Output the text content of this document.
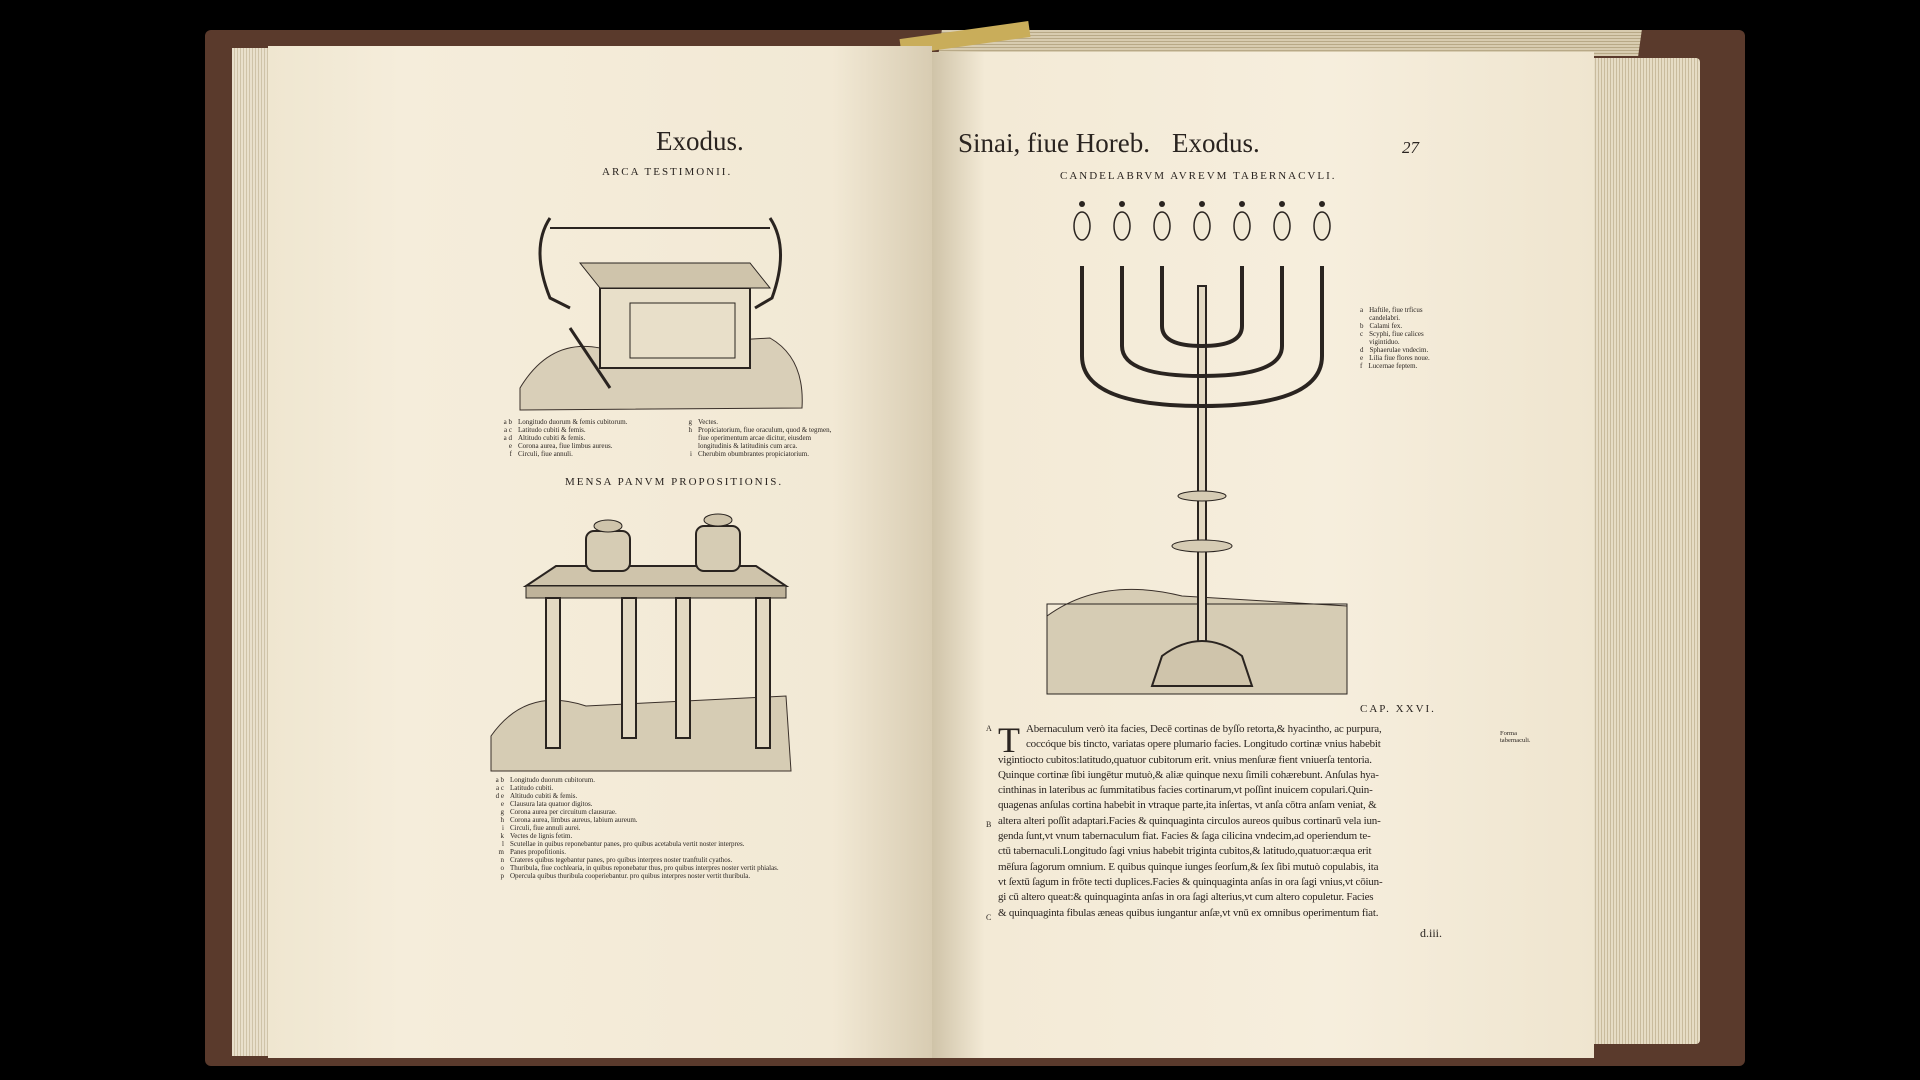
Exodus.
ARCA TESTIMONII.
a b Longitudo duorum & femis cubitorum.
a c Latitudo cubiti & femis.
a d Altitudo cubiti & femis.
e Corona aurea, fiue limbus aureus.
f Circuli, fiue annuli.
g Vectes.
h Propiciatorium, fiue oraculum, quod & tegmen, fiue operimentum arcae dicitur, eiusdem longitudinis & latitudinis cum arca.
i Cherubim obumbrantes propiciatorium.
MENSA PANVM PROPOSITIONIS.
a b Longitudo duorum cubitorum.
a c Latitudo cubiti.
d e Altitudo cubiti & femis.
e Clausura lata quatuor digitos.
g Corona aurea per circuitum clausurae.
h Corona aurea, limbus aureus, labium aureum.
i Circuli, fiue annuli aurei.
k Vectes de lignis fetim.
l Scutellae in quibus reponebantur panes, pro quibus acetabula vertit noster interpres.
m Panes propofitionis.
n Crateres quibus tegebantur panes, pro quibus interpres noster tranftulit cyathos.
o Thuribula, fiue cochlearia, in quibus reponebatur thus, pro quibus interpres noster vertit phialas.
p Opercula quibus thuribula cooperiebantur. pro quibus interpres noster vertit thuribula.
Sinai, fiue Horeb. Exodus.	27
CANDELABRVM AVREVM TABERNACVLI.
a Haftile, fiue trficus candelabri.
b Calami fex.
c Scyphi, fiue calices vigintiduo.
d Sphaerulae vndecim.
e Lilia fiue flores noue.
f Lucernae feptem.
CAP. XXVI.
A
B
C
Forma tabernaculi.
T Abernaculum verò ita facies, Decē cortinas de byſſo retorta,& hyacintho, ac purpura,
coccóque bis tincto, variatas opere plumario facies. Longitudo cortinæ vnius habebit
vigintiocto cubitos:latitudo,quatuor cubitorum erit. vnius menſuræ fient vniuerſa tentoria.
Quinque cortinæ ſibi iungētur mutuò,& aliæ quinque nexu ſimili cohærebunt. Anſulas hya-
cinthinas in lateribus ac ſummitatibus facies cortinarum,vt poſſint inuicem copulari.Quin-
quagenas anſulas cortina habebit in vtraque parte,ita inſertas, vt anſa cōtra anſam veniat, &
altera alteri poſſit adaptari.Facies & quinquaginta circulos aureos quibus cortinarū vela iun-
genda ſunt,vt vnum tabernaculum fiat. Facies & ſaga cilicina vndecim,ad operiendum te-
ctū tabernaculi.Longitudo ſagi vnius habebit triginta cubitos,& latitudo,quatuor:æqua erit
mēſura ſagorum omnium. E quibus quinque iunges ſeorſum,& ſex ſibi mutuò copulabis, ita
vt ſextū ſagum in frōte tecti duplices.Facies & quinquaginta anſas in ora ſagi vnius,vt cōiun-
gi cū altero queat:& quinquaginta anſas in ora ſagi alterius,vt cum altero copuletur. Facies
& quinquaginta fibulas æneas quibus iungantur anſæ,vt vnū ex omnibus operimentum fiat.
d.iii.
